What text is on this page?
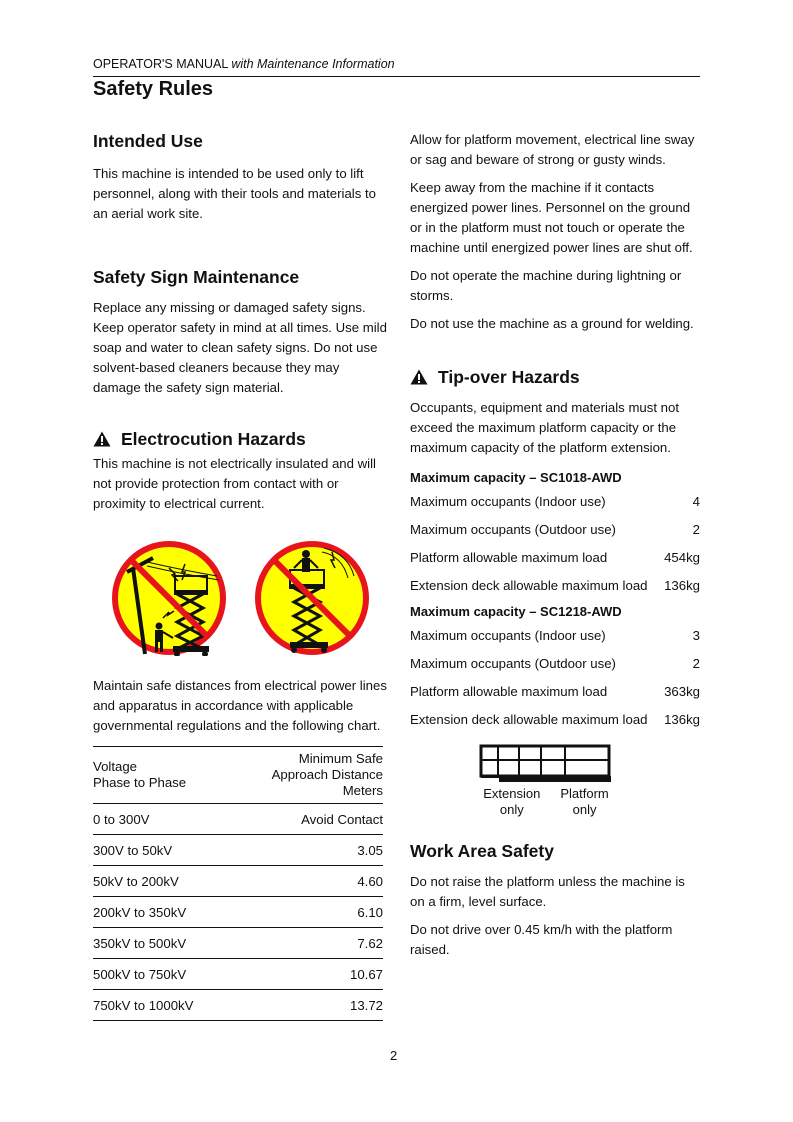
OPERATOR'S MANUAL with Maintenance Information
Safety Rules
Intended Use

This machine is intended to be used only to lift personnel, along with their tools and materials to an aerial work site.

Safety Sign Maintenance

Replace any missing or damaged safety signs. Keep operator safety in mind at all times. Use mild soap and water to clean safety signs. Do not use solvent-based cleaners because they may damage the safety sign material.

Electrocution Hazards

This machine is not electrically insulated and will not provide protection from contact with or proximity to electrical current.

Maintain safe distances from electrical power lines and apparatus in accordance with applicable governmental regulations and the following chart.

Voltage
Phase to Phase

Minimum Safe
Approach Distance
Meters

0 to 300V	Avoid Contact
300V to 50kV	3.05
50kV to 200kV	4.60
200kV to 350kV	6.10
350kV to 500kV	7.62
500kV to 750kV	10.67
750kV to 1000kV	13.72

Allow for platform movement, electrical line sway or sag and beware of strong or gusty winds.

Keep away from the machine if it contacts energized power lines. Personnel on the ground or in the platform must not touch or operate the machine until energized power lines are shut off.

Do not operate the machine during lightning or storms.

Do not use the machine as a ground for welding.

Tip-over Hazards

Occupants, equipment and materials must not exceed the maximum platform capacity or the maximum capacity of the platform extension.

Maximum capacity – SC1018-AWD
Maximum occupants (Indoor use)	4
Maximum occupants (Outdoor use)	2
Platform allowable maximum load	454kg
Extension deck allowable maximum load 136kg
Maximum capacity – SC1218-AWD
Maximum occupants (Indoor use)	3
Maximum occupants (Outdoor use)	2
Platform allowable maximum load	363kg
Extension deck allowable maximum load 136kg
Extension
only
Platform
only
Work Area Safety

Do not raise the platform unless the machine is on a firm, level surface.

Do not drive over 0.45 km/h with the platform raised.

2
